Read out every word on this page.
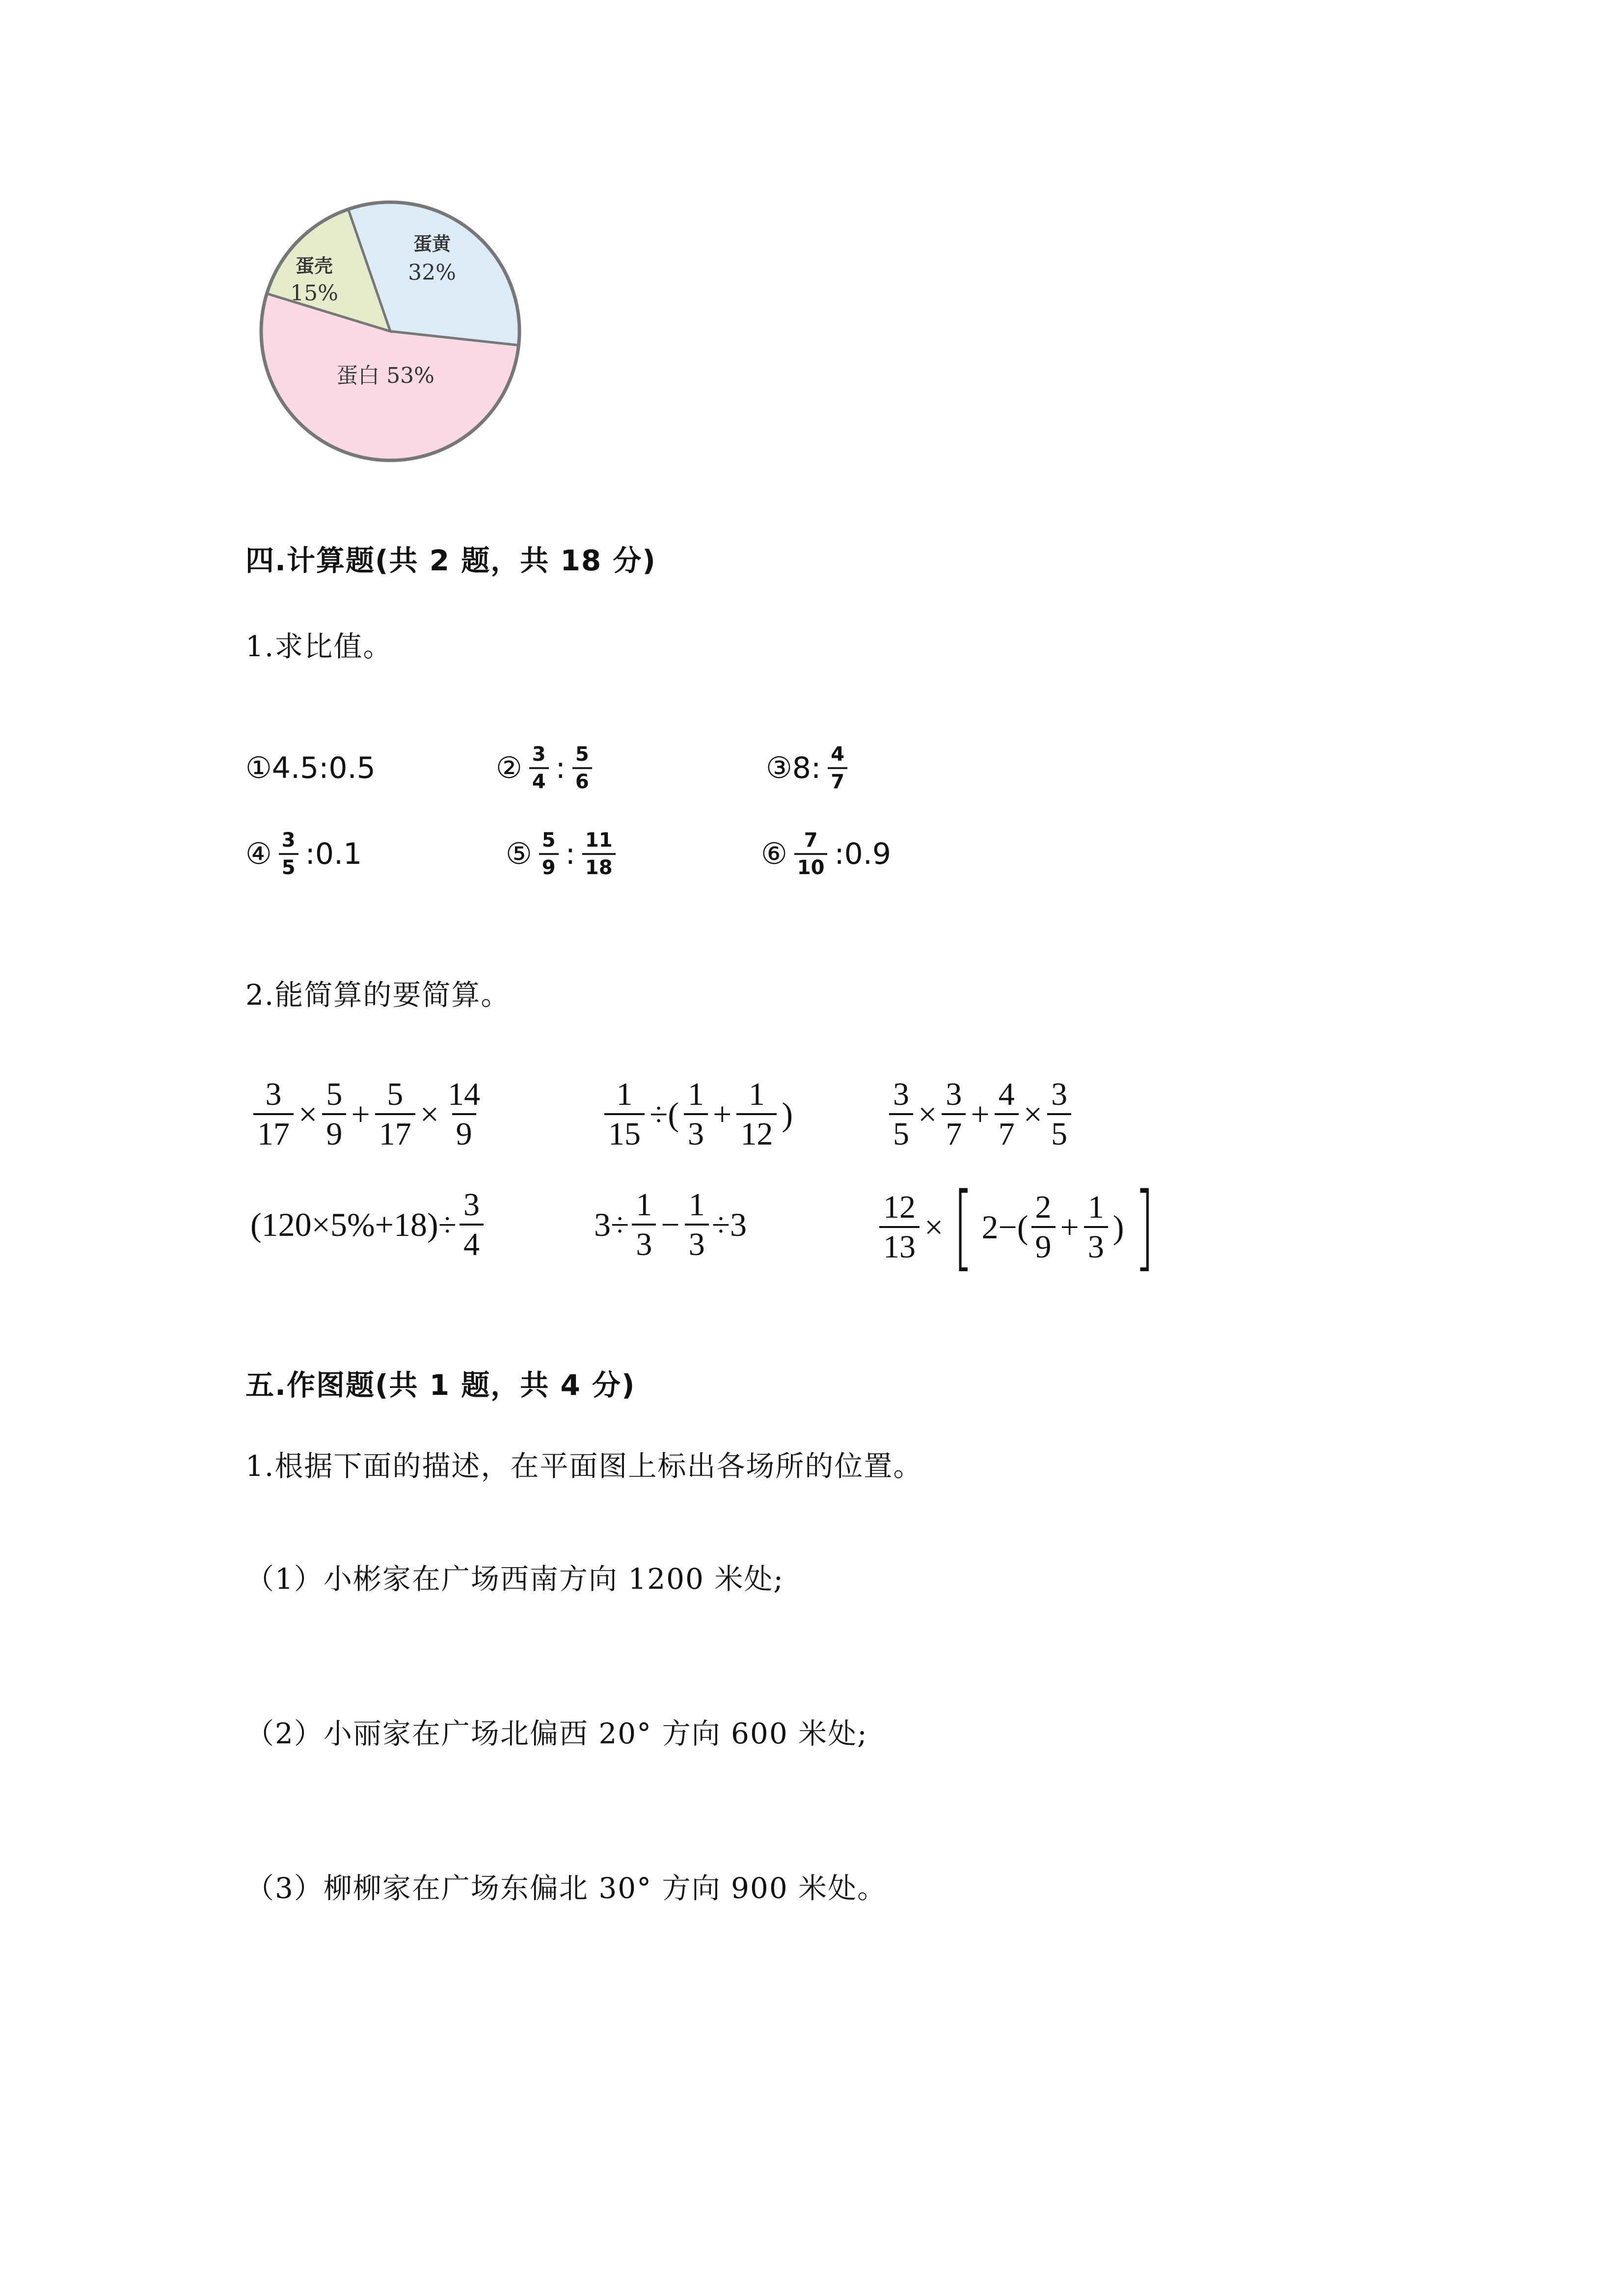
蛋黄
32%
蛋壳
15%
蛋白 53%
四.计算题(共 2 题，共 18 分)
1.求比值。
① 4.5:0.5	② $\frac{3}{4}$ : $\frac{5}{6}$	③ 8: $\frac{4}{7}$
④ $\frac{3}{5}$ :0.1	⑤ $\frac{5}{9}$ : $\frac{11}{18}$	⑥ $\frac{7}{10}$ :0.9
2.能简算的要简算。
$\frac{3}{17} \times \frac{5}{9} + \frac{5}{17} \times \frac{14}{9}$	$\frac{1}{15}$ ÷( $\frac{1}{3} + \frac{1}{12}$ )	$\frac{3}{5} \times \frac{3}{7} + \frac{4}{7} \times \frac{3}{5}$
$(120\times 5\%+18)\div \frac{3}{4}$	$3\div \frac{1}{3} - \frac{1}{3} \div 3$	$\frac{12}{13}$ × [ $2-( \frac{2}{9} + \frac{1}{3}$ ) ]
五.作图题(共 1 题，共 4 分)
1.根据下面的描述，在平面图上标出各场所的位置。
（1）小彬家在广场西南方向 1200 米处;
（2）小丽家在广场北偏西 20° 方向 600 米处;
（3）柳柳家在广场东偏北 30° 方向 900 米处。
